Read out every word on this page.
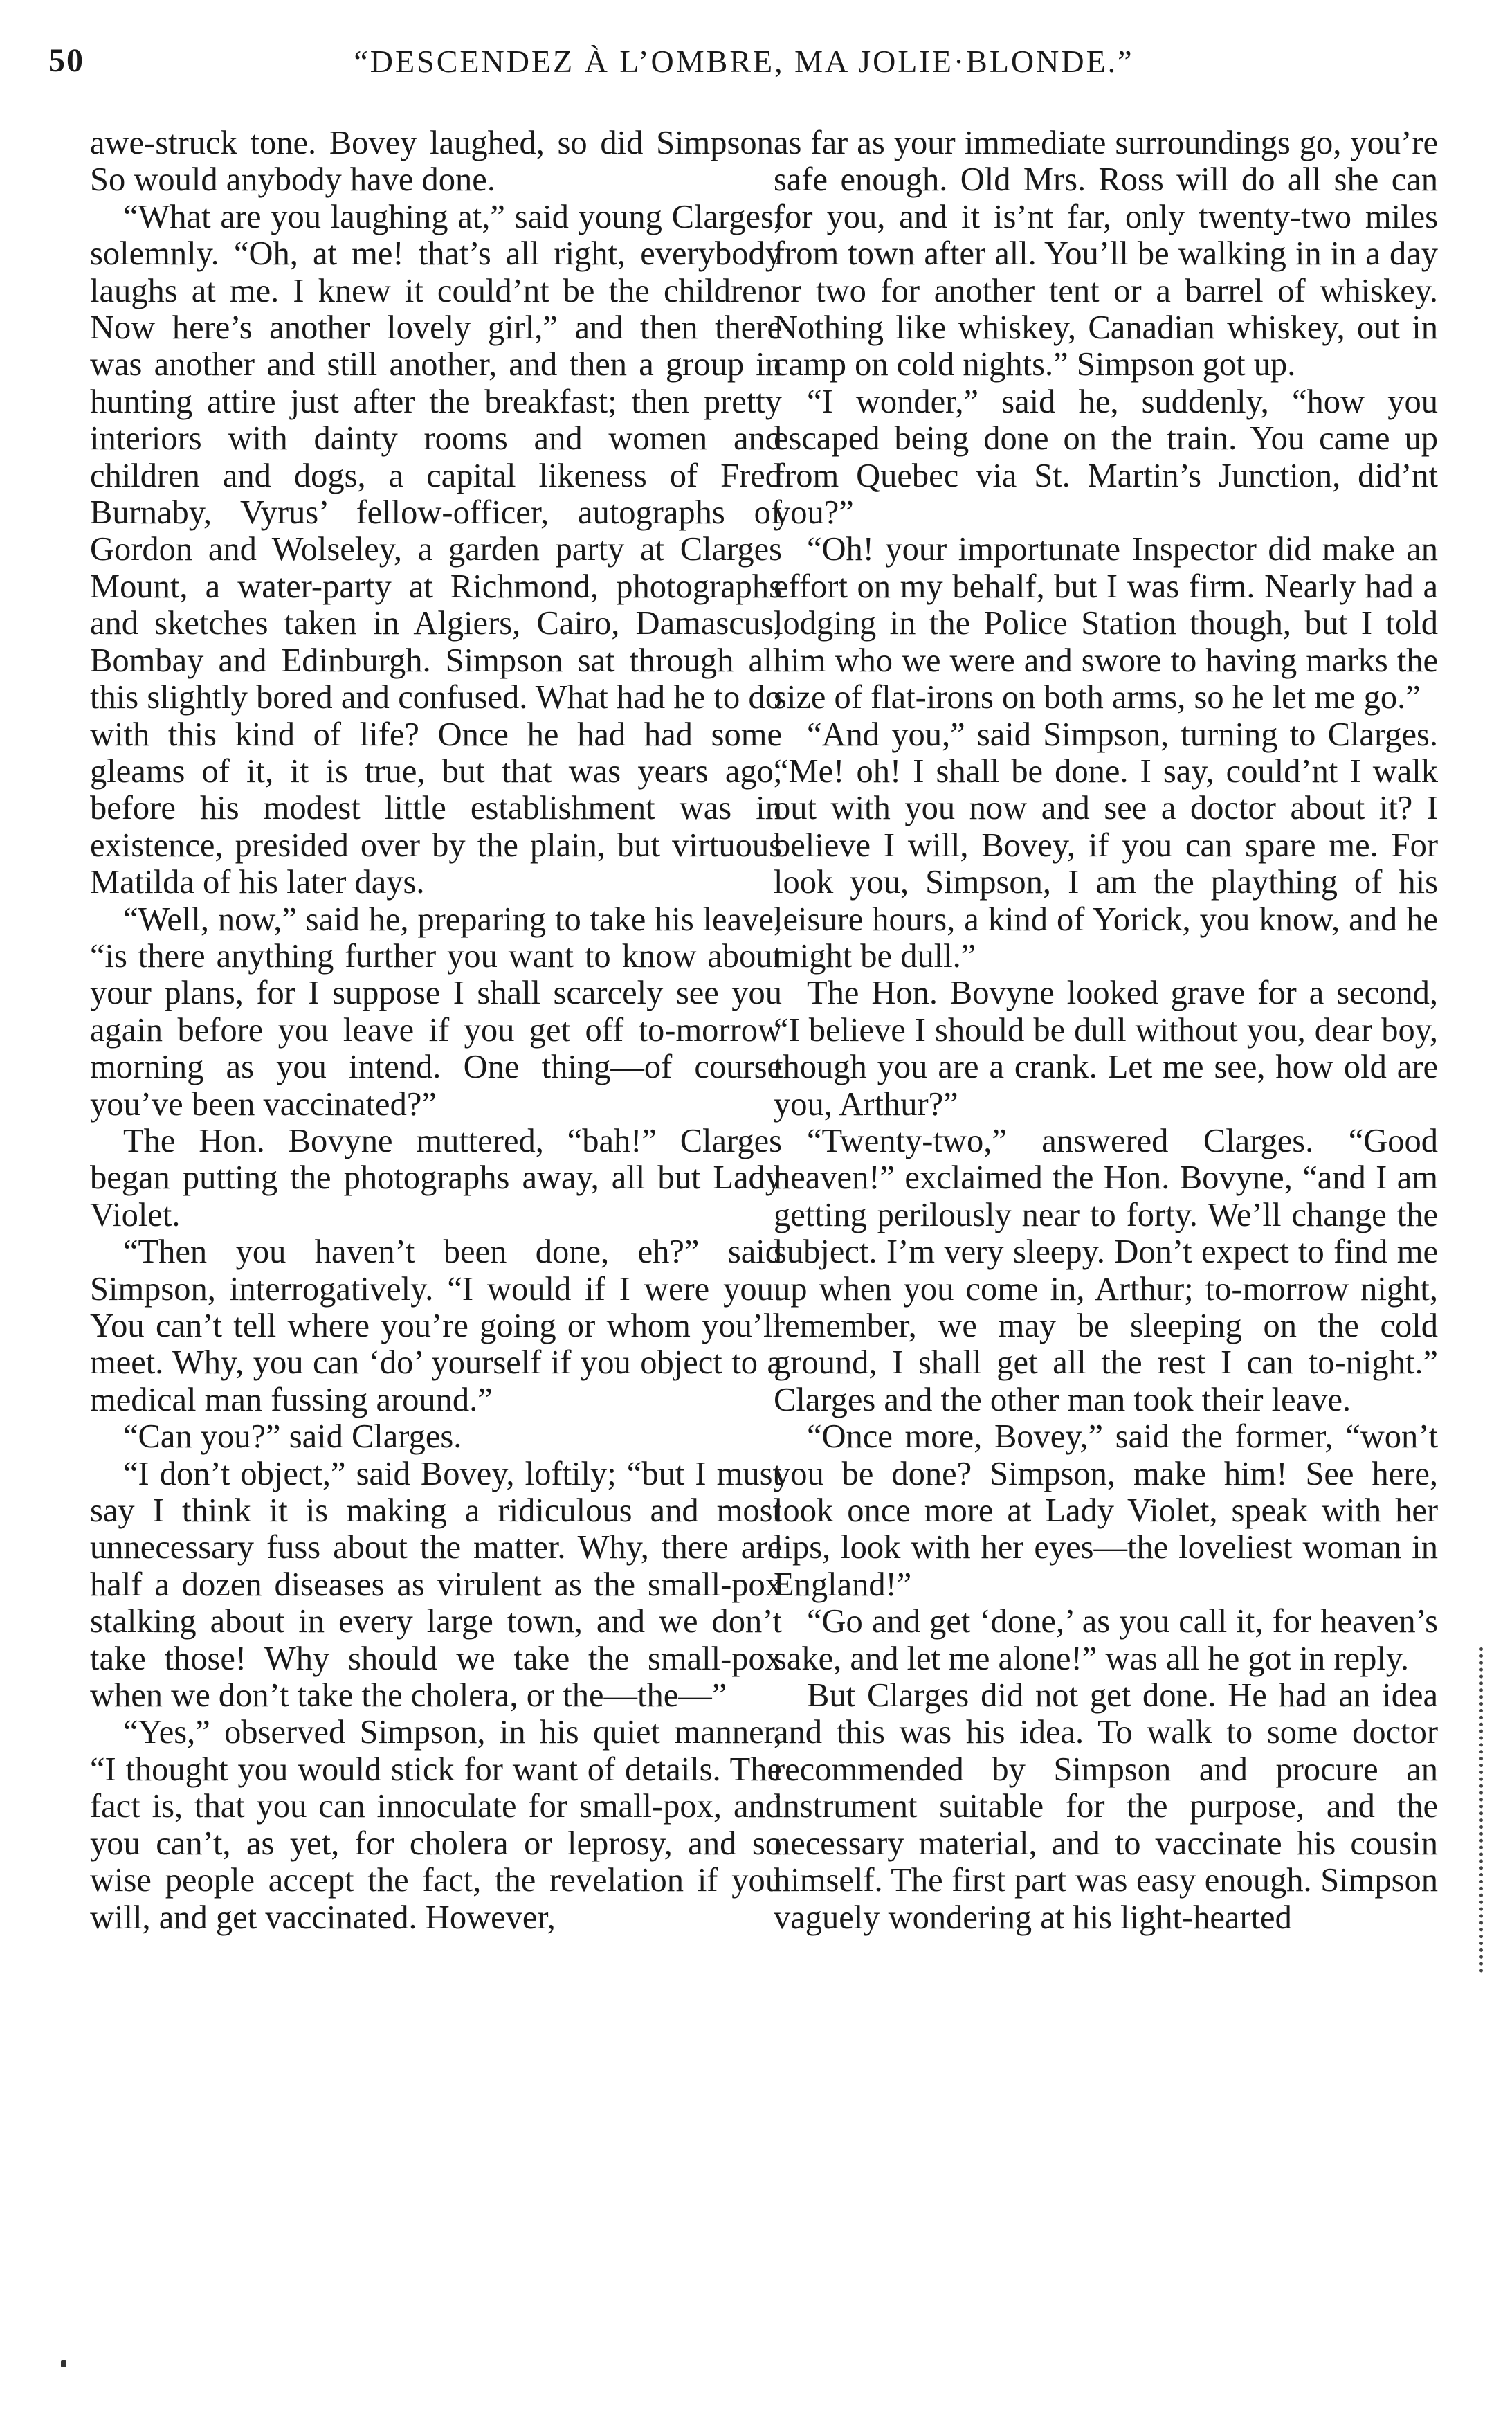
50	“DESCENDEZ À L’OMBRE, MA JOLIE·BLONDE.”

awe-struck tone. Bovey laughed, so did Simpson. So would anybody have done.

“What are you laughing at,” said young Clarges, solemnly. “Oh, at me! that’s all right, everybody laughs at me. I knew it could’nt be the children. Now here’s another lovely girl,” and then there was another and still another, and then a group in hunting attire just after the breakfast; then pretty interiors with dainty rooms and women and children and dogs, a capital likeness of Fred Burnaby, Vyrus’ fellow-officer, autographs of Gordon and Wolseley, a garden party at Clarges Mount, a water-party at Richmond, photographs and sketches taken in Algiers, Cairo, Damascus, Bombay and Edinburgh. Simpson sat through all this slightly bored and confused. What had he to do with this kind of life? Once he had had some gleams of it, it is true, but that was years ago, before his modest little establishment was in existence, presided over by the plain, but virtuous Matilda of his later days.

“Well, now,” said he, preparing to take his leave, “is there anything further you want to know about your plans, for I suppose I shall scarcely see you again before you leave if you get off to-morrow morning as you intend. One thing—of course you’ve been vaccinated?”

The Hon. Bovyne muttered, “bah!” Clarges began putting the photographs away, all but Lady Violet.

“Then you haven’t been done, eh?” said Simpson, interrogatively. “I would if I were you. You can’t tell where you’re going or whom you’ll meet. Why, you can ‘do’ yourself if you object to a medical man fussing around.”

“Can you?” said Clarges.

“I don’t object,” said Bovey, loftily; “but I must say I think it is making a ridiculous and most unnecessary fuss about the matter. Why, there are half a dozen diseases as virulent as the small-pox stalking about in every large town, and we don’t take those! Why should we take the small-pox when we don’t take the cholera, or the—the—”

“Yes,” observed Simpson, in his quiet manner, “I thought you would stick for want of details. The fact is, that you can innoculate for small-pox, and you can’t, as yet, for cholera or leprosy, and so wise people accept the fact, the revelation if you will, and get vaccinated. However,

as far as your immediate surroundings go, you’re safe enough. Old Mrs. Ross will do all she can for you, and it is’nt far, only twenty-two miles from town after all. You’ll be walking in in a day or two for another tent or a barrel of whiskey. Nothing like whiskey, Canadian whiskey, out in camp on cold nights.” Simpson got up.

“I wonder,” said he, suddenly, “how you escaped being done on the train. You came up from Quebec via St. Martin’s Junction, did’nt you?”

“Oh! your importunate Inspector did make an effort on my behalf, but I was firm. Nearly had a lodging in the Police Station though, but I told him who we were and swore to having marks the size of flat-irons on both arms, so he let me go.”

“And you,” said Simpson, turning to Clarges. “Me! oh! I shall be done. I say, could’nt I walk out with you now and see a doctor about it? I believe I will, Bovey, if you can spare me. For look you, Simpson, I am the plaything of his leisure hours, a kind of Yorick, you know, and he might be dull.”

The Hon. Bovyne looked grave for a second, “I believe I should be dull without you, dear boy, though you are a crank. Let me see, how old are you, Arthur?”

“Twenty-two,” answered Clarges. “Good heaven!” exclaimed the Hon. Bovyne, “and I am getting perilously near to forty. We’ll change the subject. I’m very sleepy. Don’t expect to find me up when you come in, Arthur; to-morrow night, remember, we may be sleeping on the cold ground, I shall get all the rest I can to-night.” Clarges and the other man took their leave.

“Once more, Bovey,” said the former, “won’t you be done? Simpson, make him! See here, look once more at Lady Violet, speak with her lips, look with her eyes—the loveliest woman in England!”

“Go and get ‘done,’ as you call it, for heaven’s sake, and let me alone!” was all he got in reply.

But Clarges did not get done. He had an idea and this was his idea. To walk to some doctor recommended by Simpson and procure an instrument suitable for the purpose, and the necessary material, and to vaccinate his cousin himself. The first part was easy enough. Simpson vaguely wondering at his light-hearted
